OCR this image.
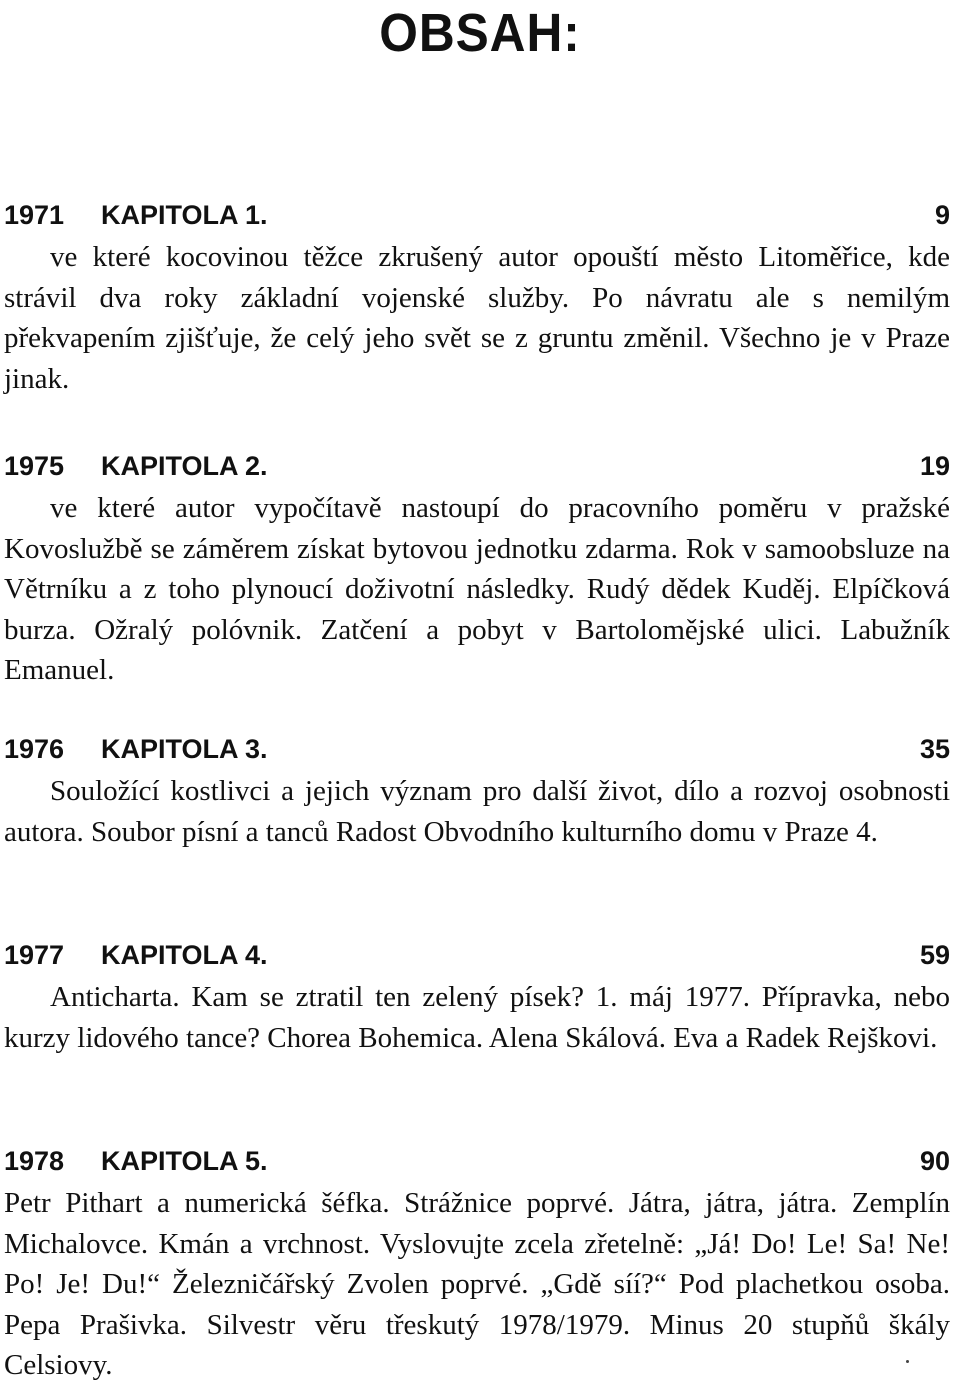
OBSAH:
1971	KAPITOLA 1.	9

ve které kocovinou těžce zkrušený autor opouští město Litoměřice, kde strávil dva roky základní vojenské služby. Po návratu ale s nemilým překvapením zjišťuje, že celý jeho svět se z gruntu změnil. Všechno je v Praze jinak.

1975	KAPITOLA 2.	19

ve které autor vypočítavě nastoupí do pracovního poměru v pražské Kovoslužbě se záměrem získat bytovou jednotku zdarma. Rok v samoobsluze na Větrníku a z toho plynoucí doživotní následky. Rudý dědek Kuděj. Elpíčková burza. Ožralý polóvnik. Zatčení a pobyt v Bartolomějské ulici. Labužník Emanuel.

1976	KAPITOLA 3.	35

Souložící kostlivci a jejich význam pro další život, dílo a rozvoj osobnosti autora. Soubor písní a tanců Radost Obvodního kulturního domu v Praze 4.

1977	KAPITOLA 4.	59

Anticharta. Kam se ztratil ten zelený písek? 1. máj 1977. Přípravka, nebo kurzy lidového tance? Chorea Bohemica. Alena Skálová. Eva a Radek Rejškovi.

1978	KAPITOLA 5.	90

Petr Pithart a numerická šéfka. Strážnice poprvé. Játra, játra, játra. Zemplín Michalovce. Kmán a vrchnost. Vyslovujte zcela zřetelně: „Já! Do! Le! Sa! Ne! Po! Je! Du!“ Železničářský Zvolen poprvé. „Gdě síí?“ Pod plachetkou osoba. Pepa Prašivka. Silvestr věru třeskutý 1978/1979. Minus 20 stupňů škály Celsiovy.
